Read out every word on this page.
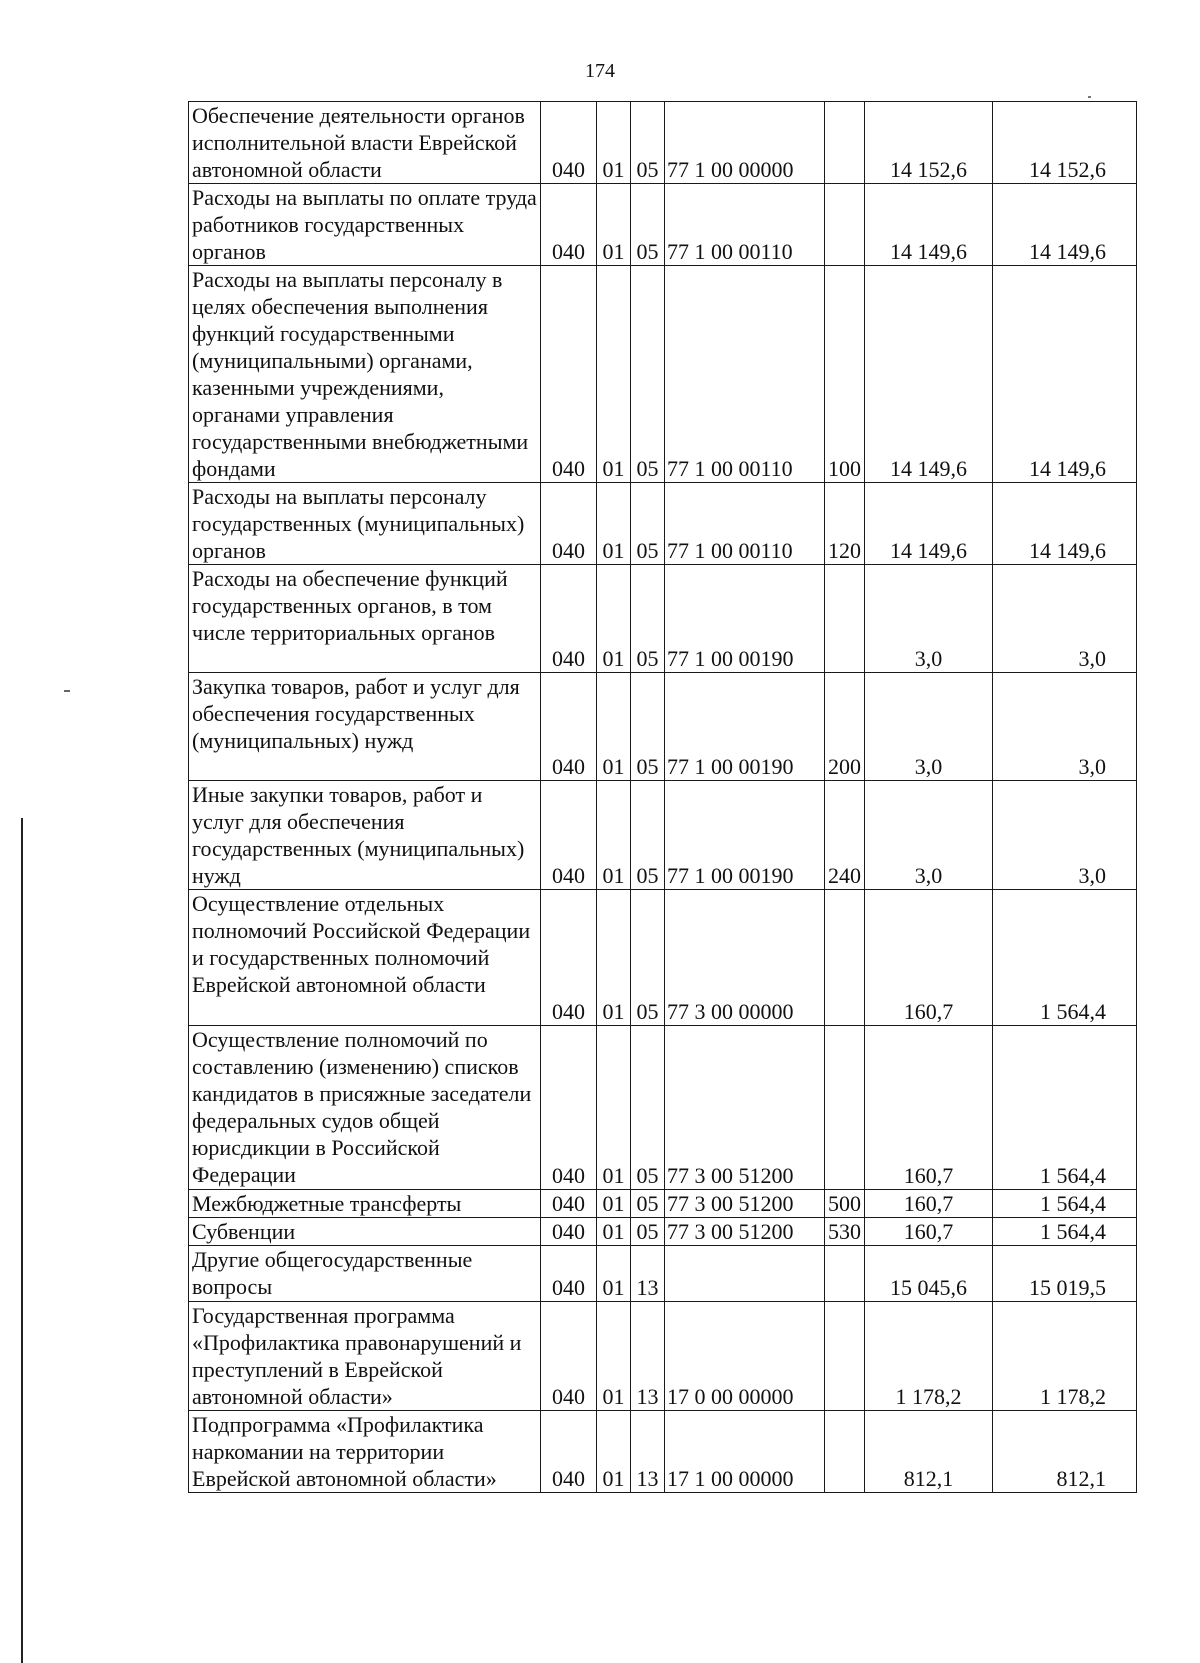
174
Обеспечение деятельности органов исполнительной власти Еврейской автономной области	040	01	05	77 1 00 00000		14 152,6	14 152,6
Расходы на выплаты по оплате труда работников государственных органов	040	01	05	77 1 00 00110		14 149,6	14 149,6
Расходы на выплаты персоналу в целях обеспечения выполнения функций государственными (муниципальными) органами, казенными учреждениями, органами управления государственными внебюджетными фондами	040	01	05	77 1 00 00110	100	14 149,6	14 149,6
Расходы на выплаты персоналу государственных (муниципальных) органов	040	01	05	77 1 00 00110	120	14 149,6	14 149,6
Расходы на обеспечение функций государственных органов, в том числе территориальных органов	040	01	05	77 1 00 00190		3,0	3,0
Закупка товаров, работ и услуг для обеспечения государственных (муниципальных) нужд	040	01	05	77 1 00 00190	200	3,0	3,0
Иные закупки товаров, работ и услуг для обеспечения государственных (муниципальных) нужд	040	01	05	77 1 00 00190	240	3,0	3,0
Осуществление отдельных полномочий Российской Федерации и государственных полномочий Еврейской автономной области	040	01	05	77 3 00 00000		160,7	1 564,4
Осуществление полномочий по составлению (изменению) списков кандидатов в присяжные заседатели федеральных судов общей юрисдикции в Российской Федерации	040	01	05	77 3 00 51200		160,7	1 564,4
Межбюджетные трансферты	040	01	05	77 3 00 51200	500	160,7	1 564,4
Субвенции	040	01	05	77 3 00 51200	530	160,7	1 564,4
Другие общегосударственные вопросы	040	01	13			15 045,6	15 019,5
Государственная программа «Профилактика правонарушений и преступлений в Еврейской автономной области»	040	01	13	17 0 00 00000		1 178,2	1 178,2
Подпрограмма «Профилактика наркомании на территории Еврейской автономной области»	040	01	13	17 1 00 00000		812,1	812,1
